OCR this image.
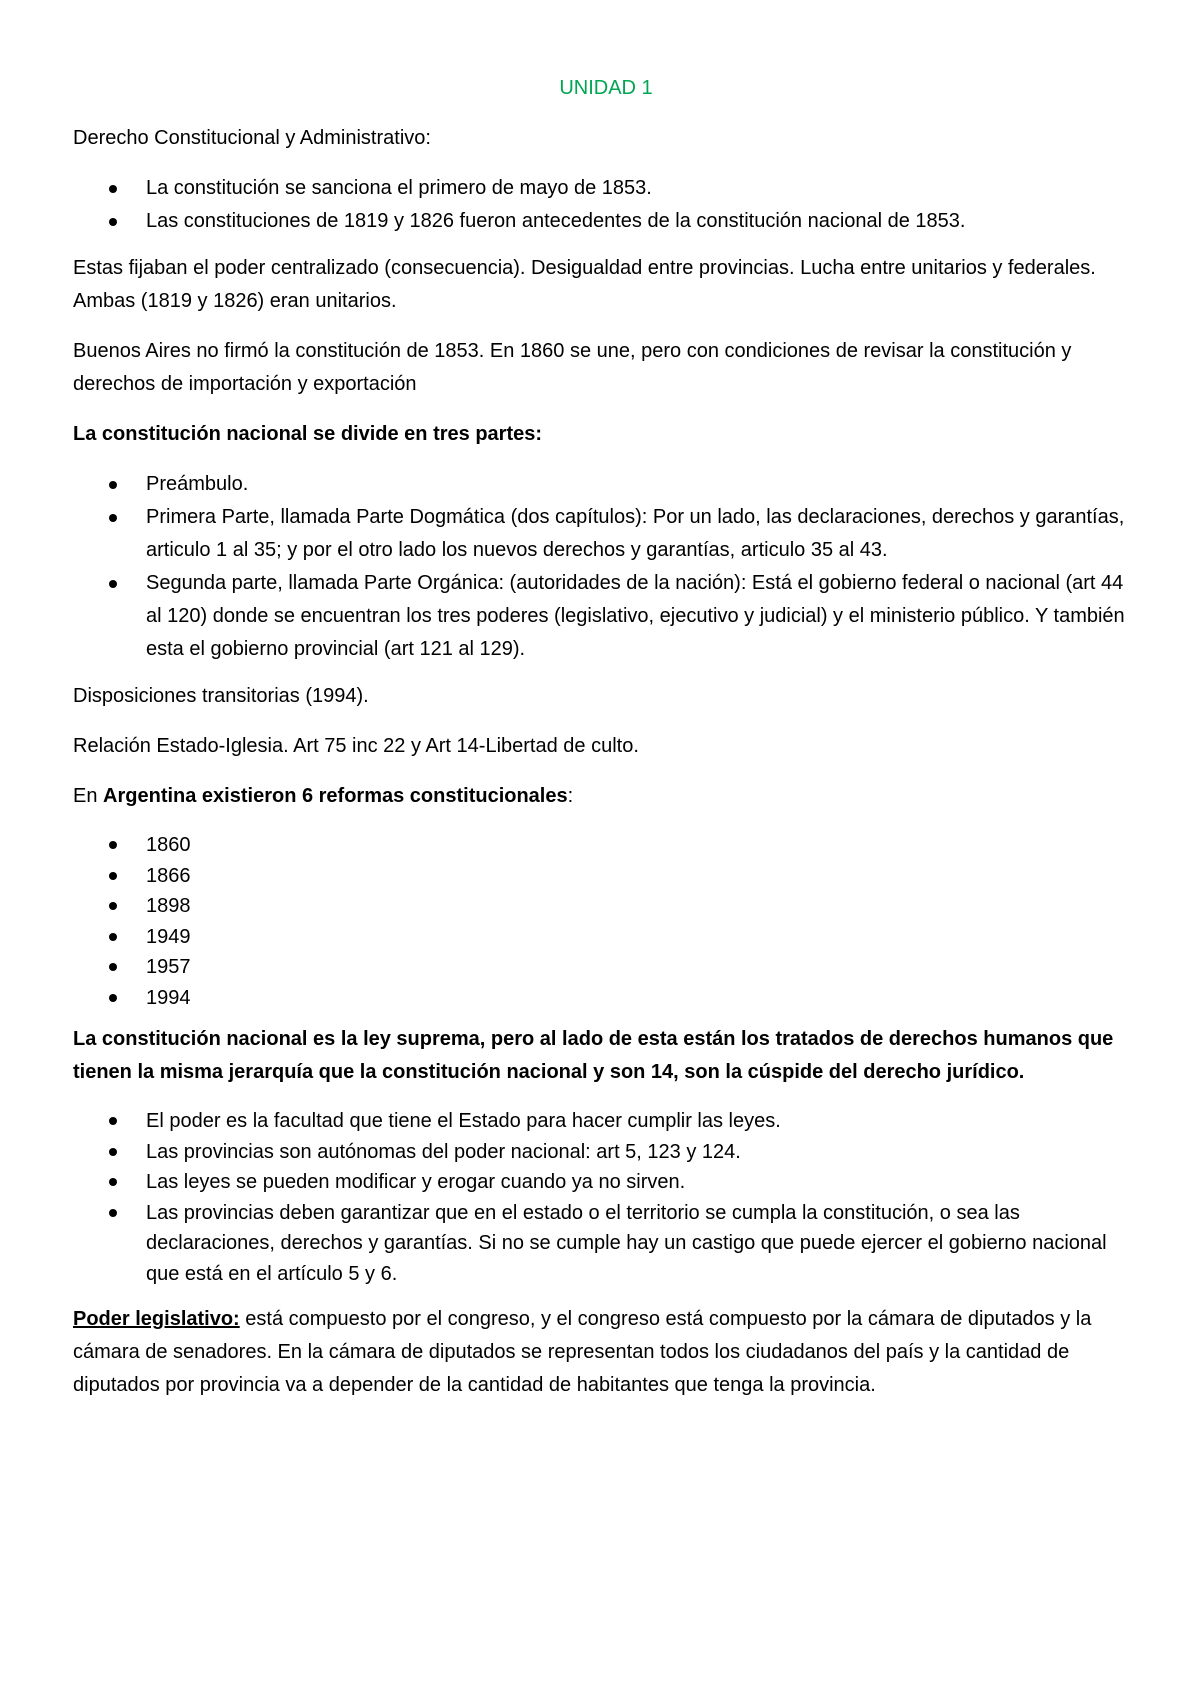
UNIDAD 1

Derecho Constitucional y Administrativo:

La constitución se sanciona el primero de mayo de 1853.
Las constituciones de 1819 y 1826 fueron antecedentes de la constitución nacional de 1853.

Estas fijaban el poder centralizado (consecuencia). Desigualdad entre provincias. Lucha entre unitarios y federales. Ambas (1819 y 1826) eran unitarios.

Buenos Aires no firmó la constitución de 1853. En 1860 se une, pero con condiciones de revisar la constitución y derechos de importación y exportación

La constitución nacional se divide en tres partes:

Preámbulo.
Primera Parte, llamada Parte Dogmática (dos capítulos): Por un lado, las declaraciones, derechos y garantías, articulo 1 al 35; y por el otro lado los nuevos derechos y garantías, articulo 35 al 43.
Segunda parte, llamada Parte Orgánica: (autoridades de la nación): Está el gobierno federal o nacional (art 44 al 120) donde se encuentran los tres poderes (legislativo, ejecutivo y judicial) y el ministerio público. Y también esta el gobierno provincial (art 121 al 129).

Disposiciones transitorias (1994).

Relación Estado-Iglesia. Art 75 inc 22 y Art 14-Libertad de culto.

En Argentina existieron 6 reformas constitucionales:

1860
1866
1898
1949
1957
1994

La constitución nacional es la ley suprema, pero al lado de esta están los tratados de derechos humanos que tienen la misma jerarquía que la constitución nacional y son 14, son la cúspide del derecho jurídico.

El poder es la facultad que tiene el Estado para hacer cumplir las leyes.
Las provincias son autónomas del poder nacional: art 5, 123 y 124.
Las leyes se pueden modificar y erogar cuando ya no sirven.
Las provincias deben garantizar que en el estado o el territorio se cumpla la constitución, o sea las declaraciones, derechos y garantías. Si no se cumple hay un castigo que puede ejercer el gobierno nacional que está en el artículo 5 y 6.

Poder legislativo: está compuesto por el congreso, y el congreso está compuesto por la cámara de diputados y la cámara de senadores. En la cámara de diputados se representan todos los ciudadanos del país y la cantidad de diputados por provincia va a depender de la cantidad de habitantes que tenga la provincia.
